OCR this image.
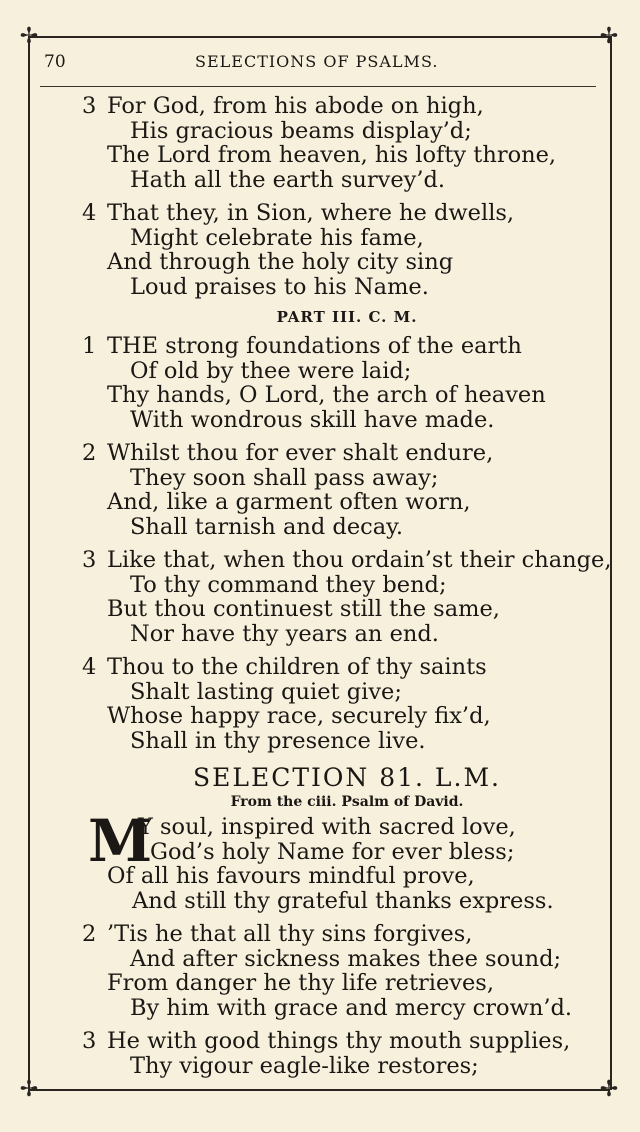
✢	✢
✢	✢
70	SELECTIONS OF PSALMS.
3 For God, from his abode on high,
His gracious beams display’d;
The Lord from heaven, his lofty throne,
Hath all the earth survey’d.
4 That they, in Sion, where he dwells,
Might celebrate his fame,
And through the holy city sing
Loud praises to his Name.
PART III. C. M.
1 THE strong foundations of the earth
Of old by thee were laid;
Thy hands, O Lord, the arch of heaven
With wondrous skill have made.
2 Whilst thou for ever shalt endure,
They soon shall pass away;
And, like a garment often worn,
Shall tarnish and decay.
3 Like that, when thou ordain’st their change,
To thy command they bend;
But thou continuest still the same,
Nor have thy years an end.
4 Thou to the children of thy saints
Shalt lasting quiet give;
Whose happy race, securely fix’d,
Shall in thy presence live.
SELECTION 81. L.M.
From the ciii. Psalm of David.
M
Y soul, inspired with sacred love,
God’s holy Name for ever bless;
Of all his favours mindful prove,
And still thy grateful thanks express.
2 ’Tis he that all thy sins forgives,
And after sickness makes thee sound;
From danger he thy life retrieves,
By him with grace and mercy crown’d.
3 He with good things thy mouth supplies,
Thy vigour eagle-like restores;
